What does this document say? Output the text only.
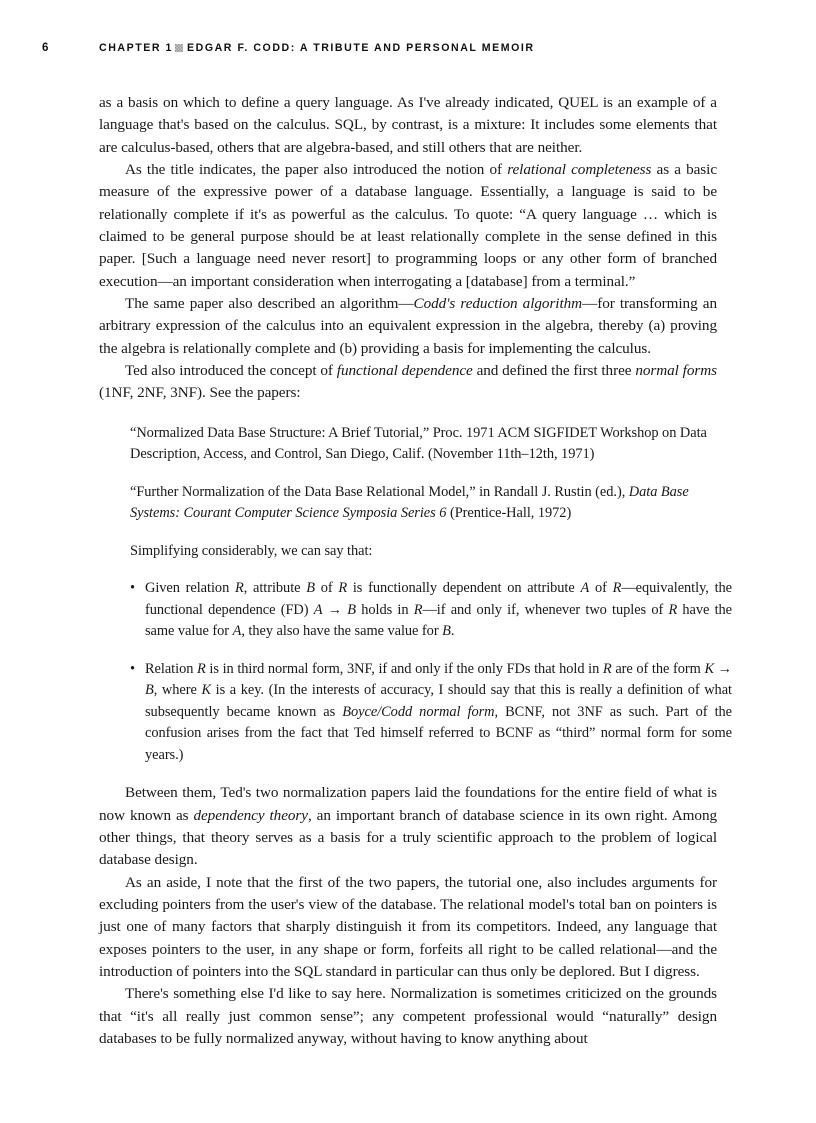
6	CHAPTER 1 EDGAR F. CODD: A TRIBUTE AND PERSONAL MEMOIR

as a basis on which to define a query language. As I've already indicated, QUEL is an example of a language that's based on the calculus. SQL, by contrast, is a mixture: It includes some elements that are calculus-based, others that are algebra-based, and still others that are neither.

As the title indicates, the paper also introduced the notion of relational completeness as a basic measure of the expressive power of a database language. Essentially, a language is said to be relationally complete if it's as powerful as the calculus. To quote: “A query language … which is claimed to be general purpose should be at least relationally complete in the sense defined in this paper. [Such a language need never resort] to programming loops or any other form of branched execution—an important consideration when interrogating a [database] from a terminal.”

The same paper also described an algorithm—Codd's reduction algorithm—for transforming an arbitrary expression of the calculus into an equivalent expression in the algebra, thereby (a) proving the algebra is relationally complete and (b) providing a basis for implementing the calculus.

Ted also introduced the concept of functional dependence and defined the first three normal forms (1NF, 2NF, 3NF). See the papers:

“Normalized Data Base Structure: A Brief Tutorial,” Proc. 1971 ACM SIGFIDET Workshop on Data Description, Access, and Control, San Diego, Calif. (November 11th–12th, 1971)

“Further Normalization of the Data Base Relational Model,” in Randall J. Rustin (ed.), Data Base Systems: Courant Computer Science Symposia Series 6 (Prentice-Hall, 1972)

Simplifying considerably, we can say that:

• Given relation R, attribute B of R is functionally dependent on attribute A of R—equivalently, the functional dependence (FD) A → B holds in R—if and only if, whenever two tuples of R have the same value for A, they also have the same value for B.
• Relation R is in third normal form, 3NF, if and only if the only FDs that hold in R are of the form K → B, where K is a key. (In the interests of accuracy, I should say that this is really a definition of what subsequently became known as Boyce/Codd normal form, BCNF, not 3NF as such. Part of the confusion arises from the fact that Ted himself referred to BCNF as “third” normal form for some years.)

Between them, Ted's two normalization papers laid the foundations for the entire field of what is now known as dependency theory, an important branch of database science in its own right. Among other things, that theory serves as a basis for a truly scientific approach to the problem of logical database design.

As an aside, I note that the first of the two papers, the tutorial one, also includes arguments for excluding pointers from the user's view of the database. The relational model's total ban on pointers is just one of many factors that sharply distinguish it from its competitors. Indeed, any language that exposes pointers to the user, in any shape or form, forfeits all right to be called relational—and the introduction of pointers into the SQL standard in particular can thus only be deplored. But I digress.

There's something else I'd like to say here. Normalization is sometimes criticized on the grounds that “it's all really just common sense”; any competent professional would “naturally” design databases to be fully normalized anyway, without having to know anything about
